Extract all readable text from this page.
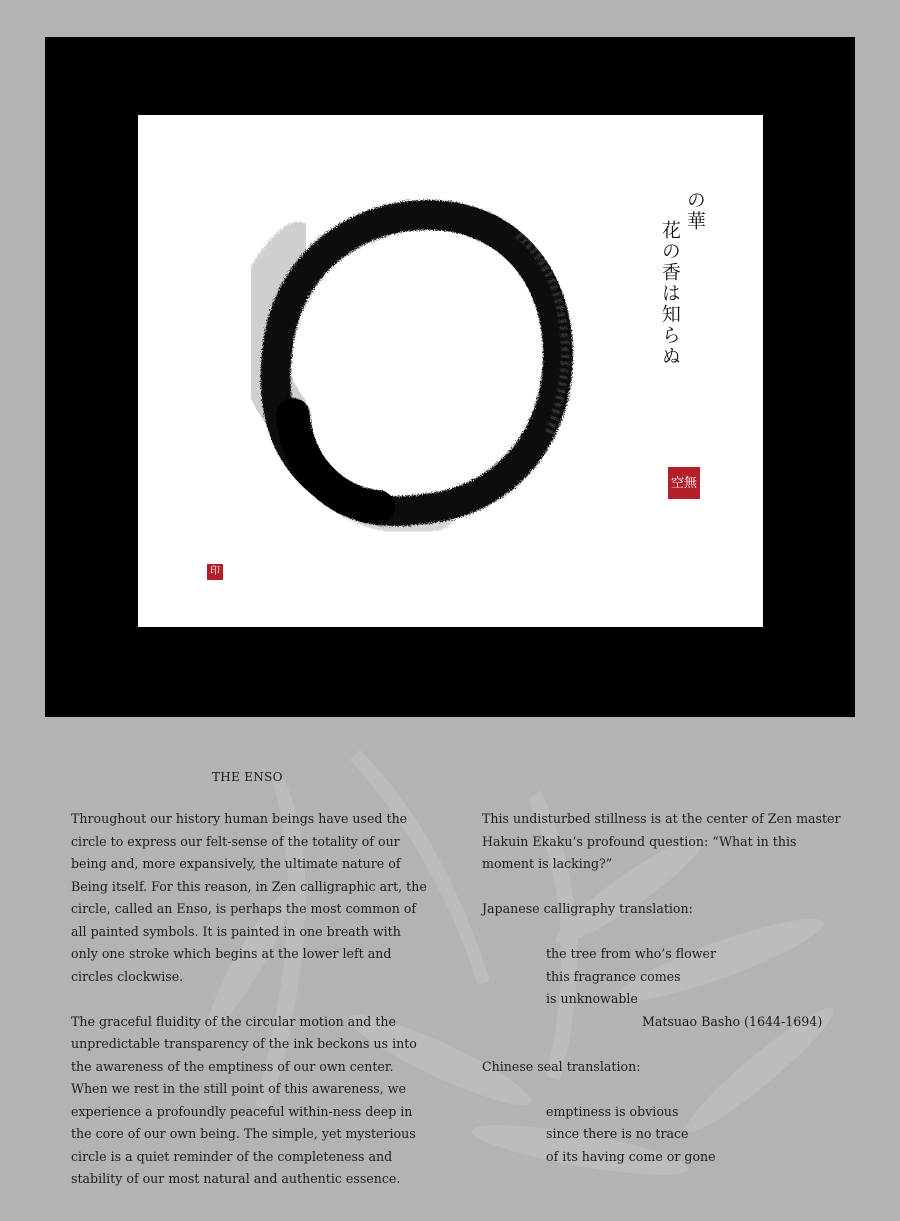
の華
花の香は知らぬ
空無
印
THE ENSO

Throughout our history human beings have used the circle to express our felt-sense of the totality of our being and, more expansively, the ultimate nature of Being itself. For this reason, in Zen calligraphic art, the circle, called an Enso, is perhaps the most common of all painted symbols. It is painted in one breath with only one stroke which begins at the lower left and circles clockwise.

The graceful fluidity of the circular motion and the unpredictable transparency of the ink beckons us into the awareness of the emptiness of our own center. When we rest in the still point of this awareness, we experience a profoundly peaceful within-ness deep in the core of our own being. The simple, yet mysterious circle is a quiet reminder of the completeness and stability of our most natural and authentic essence.

This undisturbed stillness is at the center of Zen master Hakuin Ekaku’s profound question: “What in this moment is lacking?”

Japanese calligraphy translation:

the tree from who’s flower

this fragrance comes

is unknowable

Matsuao Basho (1644-1694)

Chinese seal translation:

emptiness is obvious

since there is no trace

of its having come or gone
